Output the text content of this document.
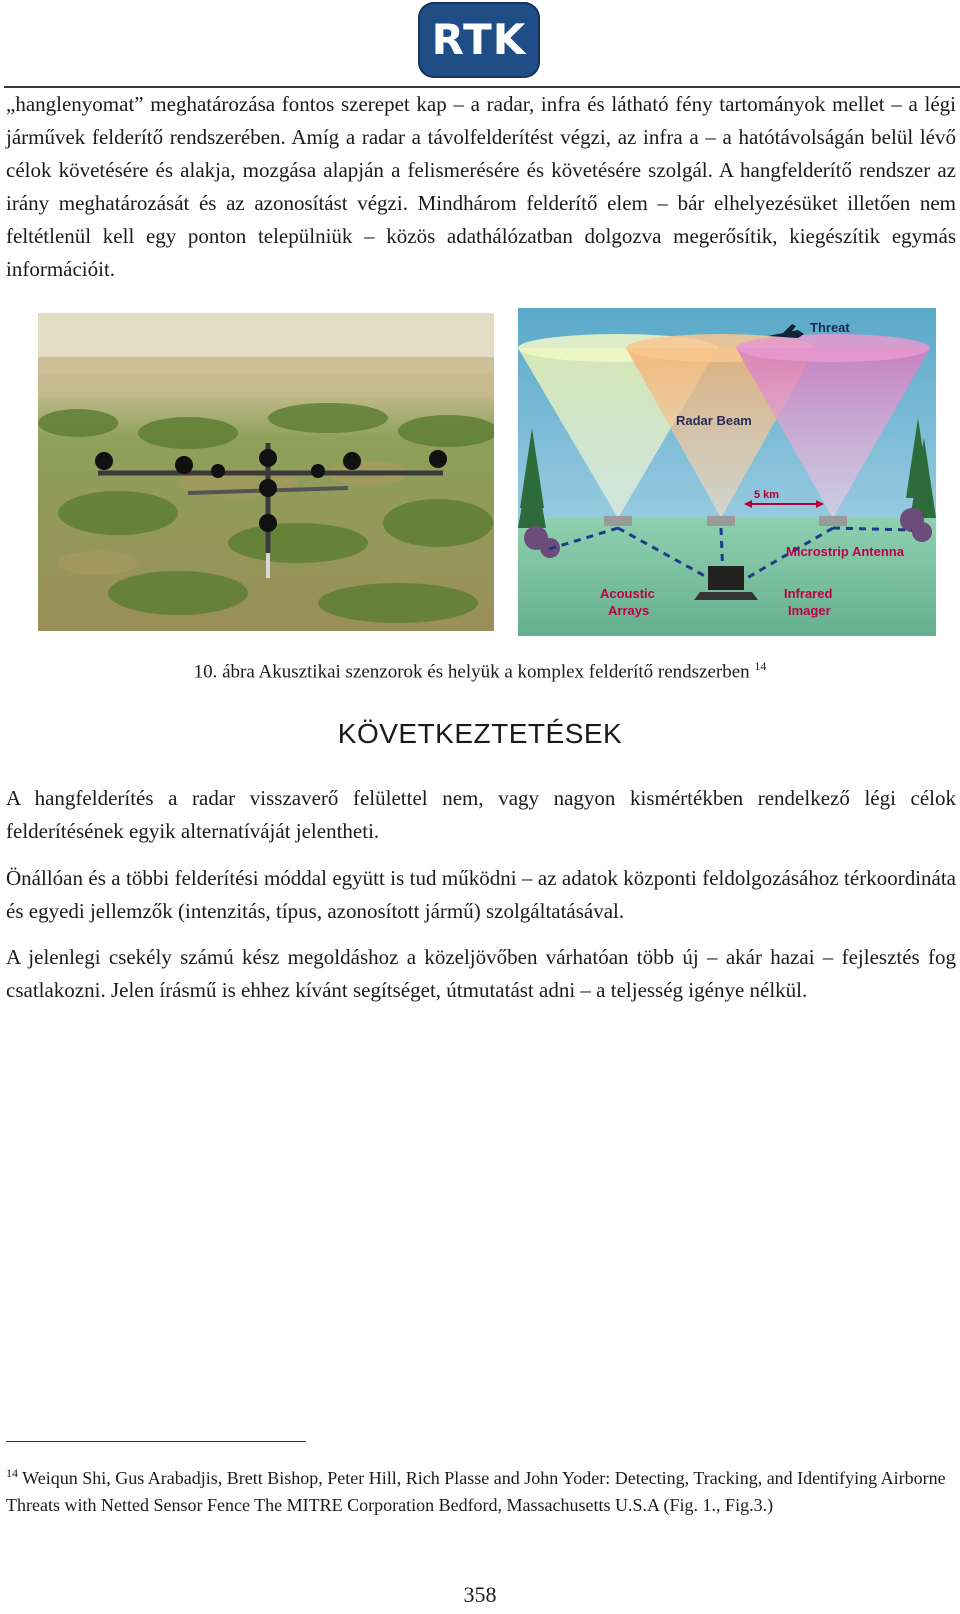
RTK

„hanglenyomat” meghatározása fontos szerepet kap – a radar, infra és látható fény tartományok mellet – a légi járművek felderítő rendszerében. Amíg a radar a távolfelderítést végzi, az infra a – a hatótávolságán belül lévő célok követésére és alakja, mozgása alapján a felismerésére és követésére szolgál. A hangfelderítő rendszer az irány meghatározását és az azonosítást végzi. Mindhárom felderítő elem – bár elhelyezésüket illetően nem feltétlenül kell egy ponton települniük – közös adathálózatban dolgozva megerősítik, kiegészítik egymás információit.

Threat
Radar Beam
5 km
Microstrip Antenna
Acoustic
Arrays
Infrared
Imager
10. ábra Akusztikai szenzorok és helyük a komplex felderítő rendszerben $^{14}$
KÖVETKEZTETÉSEK

A hangfelderítés a radar visszaverő felülettel nem, vagy nagyon kismértékben rendelkező légi célok felderítésének egyik alternatíváját jelentheti.

Önállóan és a többi felderítési móddal együtt is tud működni – az adatok központi feldolgozásához térkoordináta és egyedi jellemzők (intenzitás, típus, azonosított jármű) szolgáltatásával.

A jelenlegi csekély számú kész megoldáshoz a közeljövőben várhatóan több új – akár hazai – fejlesztés fog csatlakozni. Jelen írásmű is ehhez kívánt segítséget, útmutatást adni – a teljesség igénye nélkül.

$^{14}$ Weiqun Shi, Gus Arabadjis, Brett Bishop, Peter Hill, Rich Plasse and John Yoder: Detecting, Tracking, and Identifying Airborne Threats with Netted Sensor Fence The MITRE Corporation Bedford, Massachusetts U.S.A (Fig. 1., Fig.3.)

358
